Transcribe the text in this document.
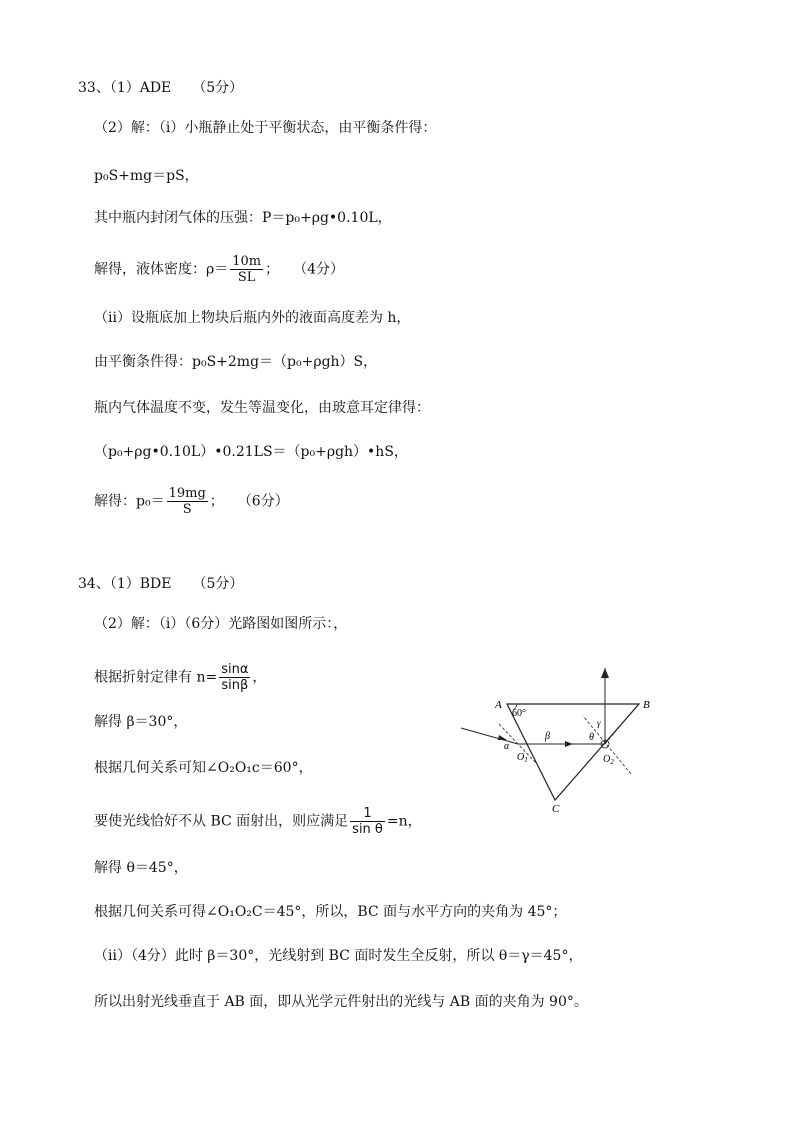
33、（1）ADE　　（5分）
（2）解：（i）小瓶静止处于平衡状态，由平衡条件得：
p₀S+mg＝pS，
其中瓶内封闭气体的压强：P＝p₀+ρg•0.10L，
解得，液体密度：$\rho= \frac{10m}{SL}$ ；　　（4分）
（ii）设瓶底加上物块后瓶内外的液面高度差为 h，
由平衡条件得：p₀S+2mg＝（p₀+ρgh）S，
瓶内气体温度不变，发生等温变化，由玻意耳定律得：
（p₀+ρg•0.10L）•0.21LS＝（p₀+ρgh）•hS，
解得：$p_0= \frac{19mg}{S}$ ；　　（6分）
34、（1）BDE　　（5分）
（2）解：（i）（6分）光路图如图所示：，
根据折射定律有 $n= \frac{\sin\alpha}{\sin\beta}$ ，
解得 β＝30°，
根据几何关系可知∠O₂O₁c＝60°，
要使光线恰好不从 BC 面射出，则应满足 $\frac{1}{\text{sin θ}} =n$，
解得 θ＝45°，
根据几何关系可得∠O₁O₂C＝45°，所以，BC 面与水平方向的夹角为 45°；
（ii）（4分）此时 β＝30°，光线射到 BC 面时发生全反射，所以 θ＝γ＝45°，
所以出射光线垂直于 AB 面，即从光学元件射出的光线与 AB 面的夹角为 90°。
A	B
C
60°
α
β	θ
γ
$O_1$	$O_2$
